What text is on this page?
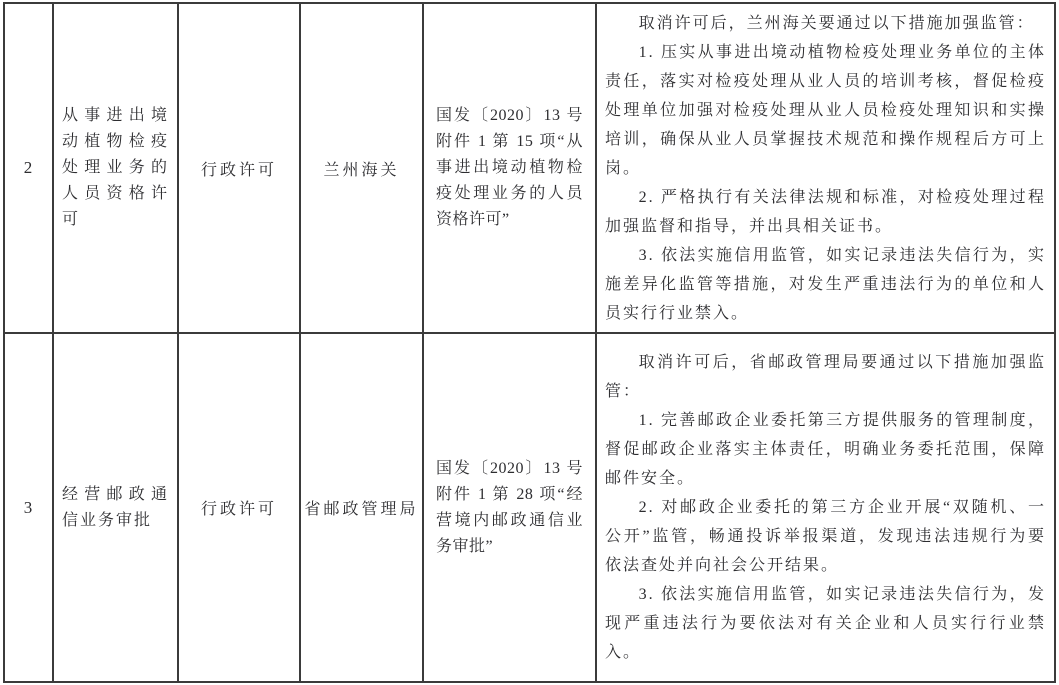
2
从事进出境动植物检疫处理业务的人员资格许可
行政许可	兰州海关
国发〔2020〕13 号附件 1 第 15 项“从事进出境动植物检疫处理业务的人员资格许可”

取消许可后，兰州海关要通过以下措施加强监管：

1. 压实从事进出境动植物检疫处理业务单位的主体责任，落实对检疫处理从业人员的培训考核，督促检疫处理单位加强对检疫处理从业人员检疫处理知识和实操培训，确保从业人员掌握技术规范和操作规程后方可上岗。

2. 严格执行有关法律法规和标准，对检疫处理过程加强监督和指导，并出具相关证书。

3. 依法实施信用监管，如实记录违法失信行为，实施差异化监管等措施，对发生严重违法行为的单位和人员实行行业禁入。

3
经营邮政通信业务审批
行政许可 省邮政管理局
国发〔2020〕13 号附件 1 第 28 项“经营境内邮政通信业务审批”

取消许可后，省邮政管理局要通过以下措施加强监管：

1. 完善邮政企业委托第三方提供服务的管理制度，督促邮政企业落实主体责任，明确业务委托范围，保障邮件安全。

2. 对邮政企业委托的第三方企业开展“双随机、一公开”监管，畅通投诉举报渠道，发现违法违规行为要依法查处并向社会公开结果。

3. 依法实施信用监管，如实记录违法失信行为，发现严重违法行为要依法对有关企业和人员实行行业禁入。
